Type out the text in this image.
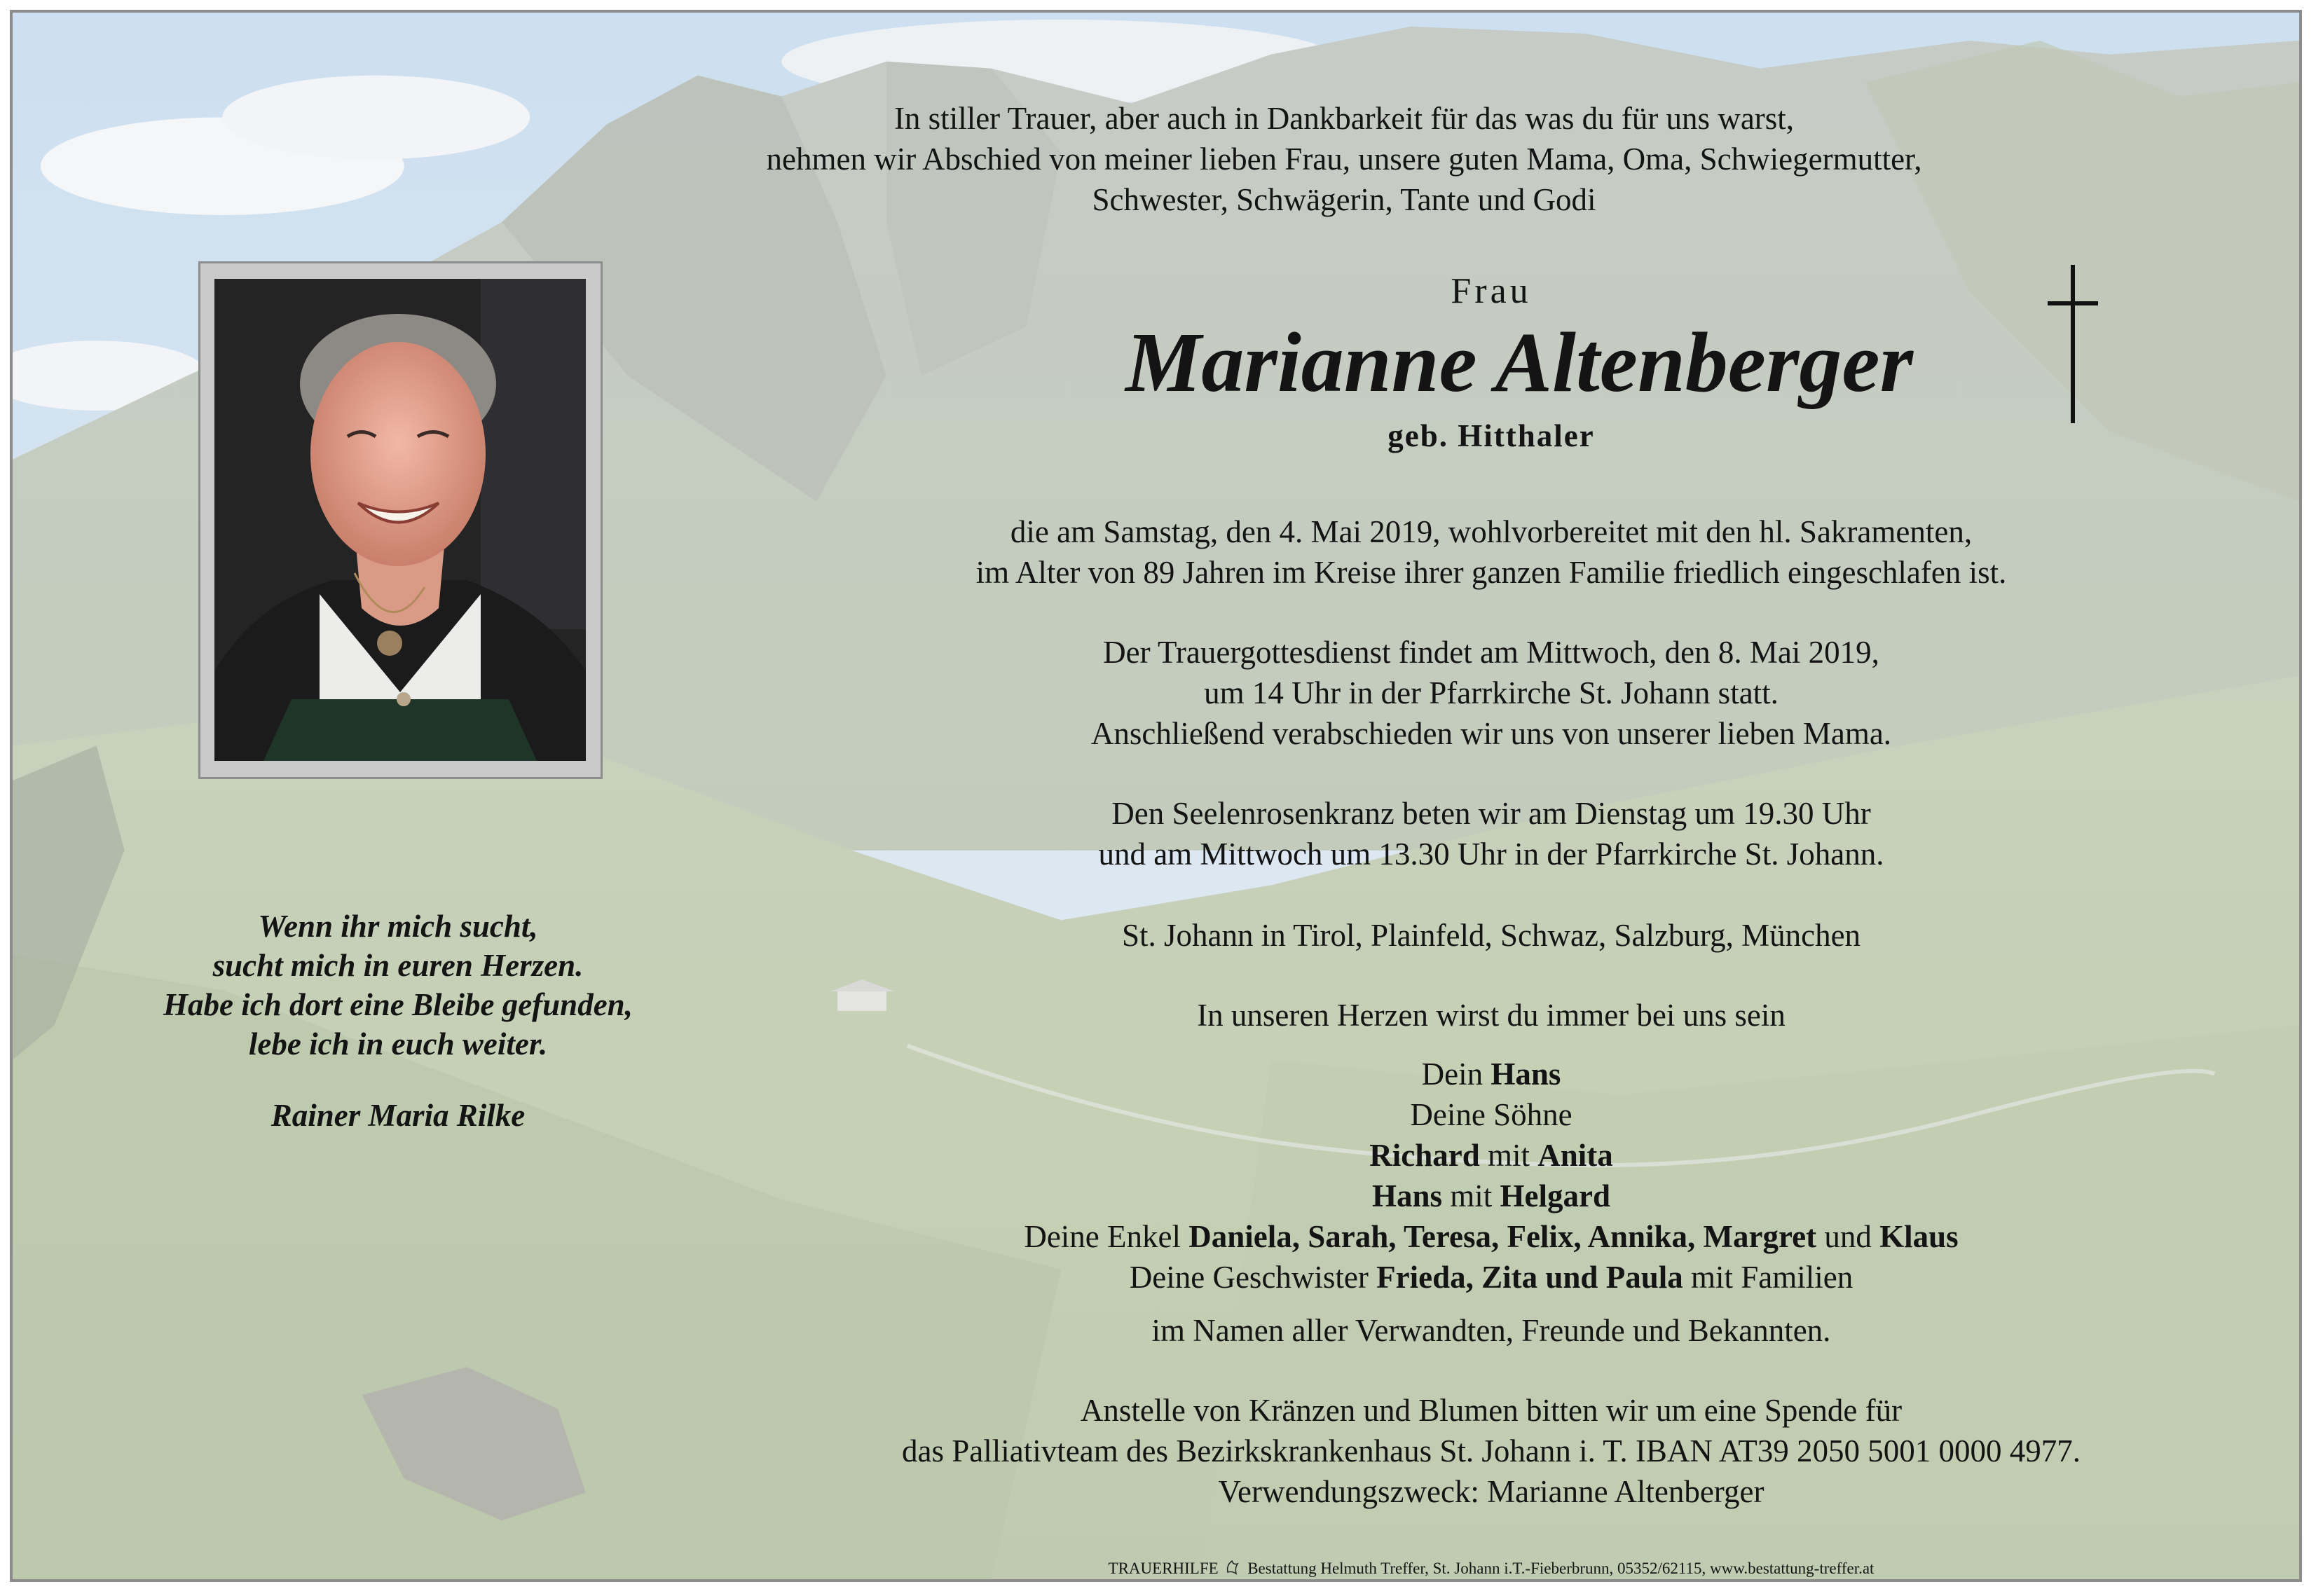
In stiller Trauer, aber auch in Dankbarkeit für das was du für uns warst,
nehmen wir Abschied von meiner lieben Frau, unsere guten Mama, Oma, Schwiegermutter,
Schwester, Schwägerin, Tante und Godi
Frau
Marianne Altenberger
geb. Hitthaler
Wenn ihr mich sucht,
sucht mich in euren Herzen.
Habe ich dort eine Bleibe gefunden,
lebe ich in euch weiter.
Rainer Maria Rilke
die am Samstag, den 4. Mai 2019, wohlvorbereitet mit den hl. Sakramenten,
im Alter von 89 Jahren im Kreise ihrer ganzen Familie friedlich eingeschlafen ist.
Der Trauergottesdienst findet am Mittwoch, den 8. Mai 2019,
um 14 Uhr in der Pfarrkirche St. Johann statt.
Anschließend verabschieden wir uns von unserer lieben Mama.
Den Seelenrosenkranz beten wir am Dienstag um 19.30 Uhr
und am Mittwoch um 13.30 Uhr in der Pfarrkirche St. Johann.
St. Johann in Tirol, Plainfeld, Schwaz, Salzburg, München
In unseren Herzen wirst du immer bei uns sein
Dein Hans
Deine Söhne
Richard mit Anita
Hans mit Helgard
Deine Enkel Daniela, Sarah, Teresa, Felix, Annika, Margret und Klaus
Deine Geschwister Frieda, Zita und Paula mit Familien
im Namen aller Verwandten, Freunde und Bekannten.
Anstelle von Kränzen und Blumen bitten wir um eine Spende für
das Palliativteam des Bezirkskrankenhaus St. Johann i. T. IBAN AT39 2050 5001 0000 4977.
Verwendungszweck: Marianne Altenberger
TRAUERHILFE Bestattung Helmuth Treffer, St. Johann i.T.-Fieberbrunn, 05352/62115, www.bestattung-treffer.at
